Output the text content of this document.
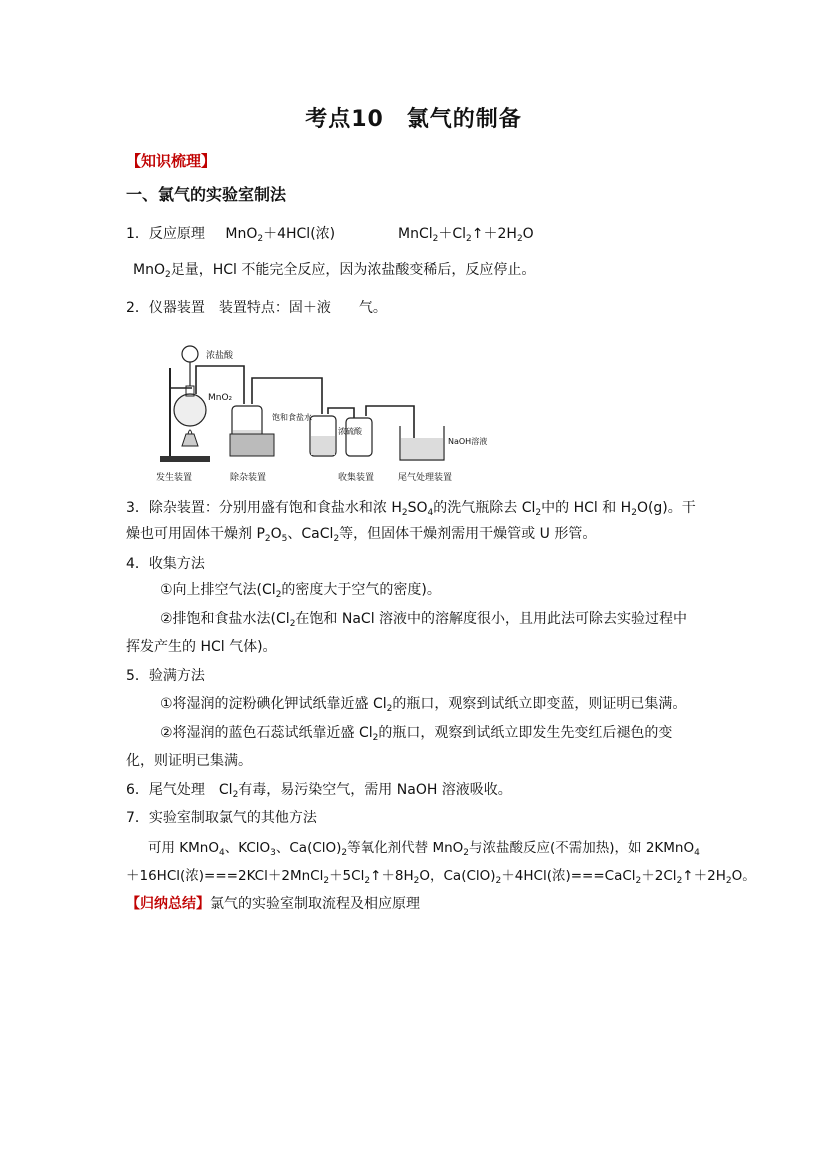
考点10　氯气的制备
【知识梳理】
一、氯气的实验室制法
1．反应原理 MnO$_2$＋4HCl(浓)	$MnCl_2+Cl_2↑+2H_2O$
MnO$_2$足量，HCl 不能完全反应，因为浓盐酸变稀后，反应停止。
2．仪器装置　装置特点：固＋液　　气。
浓盐酸
MnO₂
饱和食盐水
浓硫酸
NaOH溶液
发生装置	除杂装置	收集装置	尾气处理装置
3．除杂装置：分别用盛有饱和食盐水和浓 $H_2SO_4$的洗气瓶除去 $Cl_2$中的 HCl 和 $H_2O(g)$。干
燥也可用固体干燥剂 $P_2O_5$、CaCl$_2$等，但固体干燥剂需用干燥管或 U 形管。
4．收集方法
①向上排空气法($Cl_2$的密度大于空气的密度)。
②排饱和食盐水法($Cl_2$在饱和 NaCl 溶液中的溶解度很小，且用此法可除去实验过程中
挥发产生的 HCl 气体)。
5．验满方法
①将湿润的淀粉碘化钾试纸靠近盛 $Cl_2$的瓶口，观察到试纸立即变蓝，则证明已集满。
②将湿润的蓝色石蕊试纸靠近盛 $Cl_2$的瓶口，观察到试纸立即发生先变红后褪色的变
化，则证明已集满。
6．尾气处理　$Cl_2$有毒，易污染空气，需用 NaOH 溶液吸收。
7．实验室制取氯气的其他方法
可用 KMnO$_4$、KClO$_3$、$Ca(ClO)_2$等氧化剂代替 MnO$_2$与浓盐酸反应(不需加热)，如 2KMnO$_4$
＋16HCl(浓)$===2KCl+2MnCl_2+5Cl_2↑+8H_2O$，$Ca(ClO)_2+4HCl$(浓)$===CaCl_2+2Cl_2↑+2H_2O$。
【归纳总结】氯气的实验室制取流程及相应原理
